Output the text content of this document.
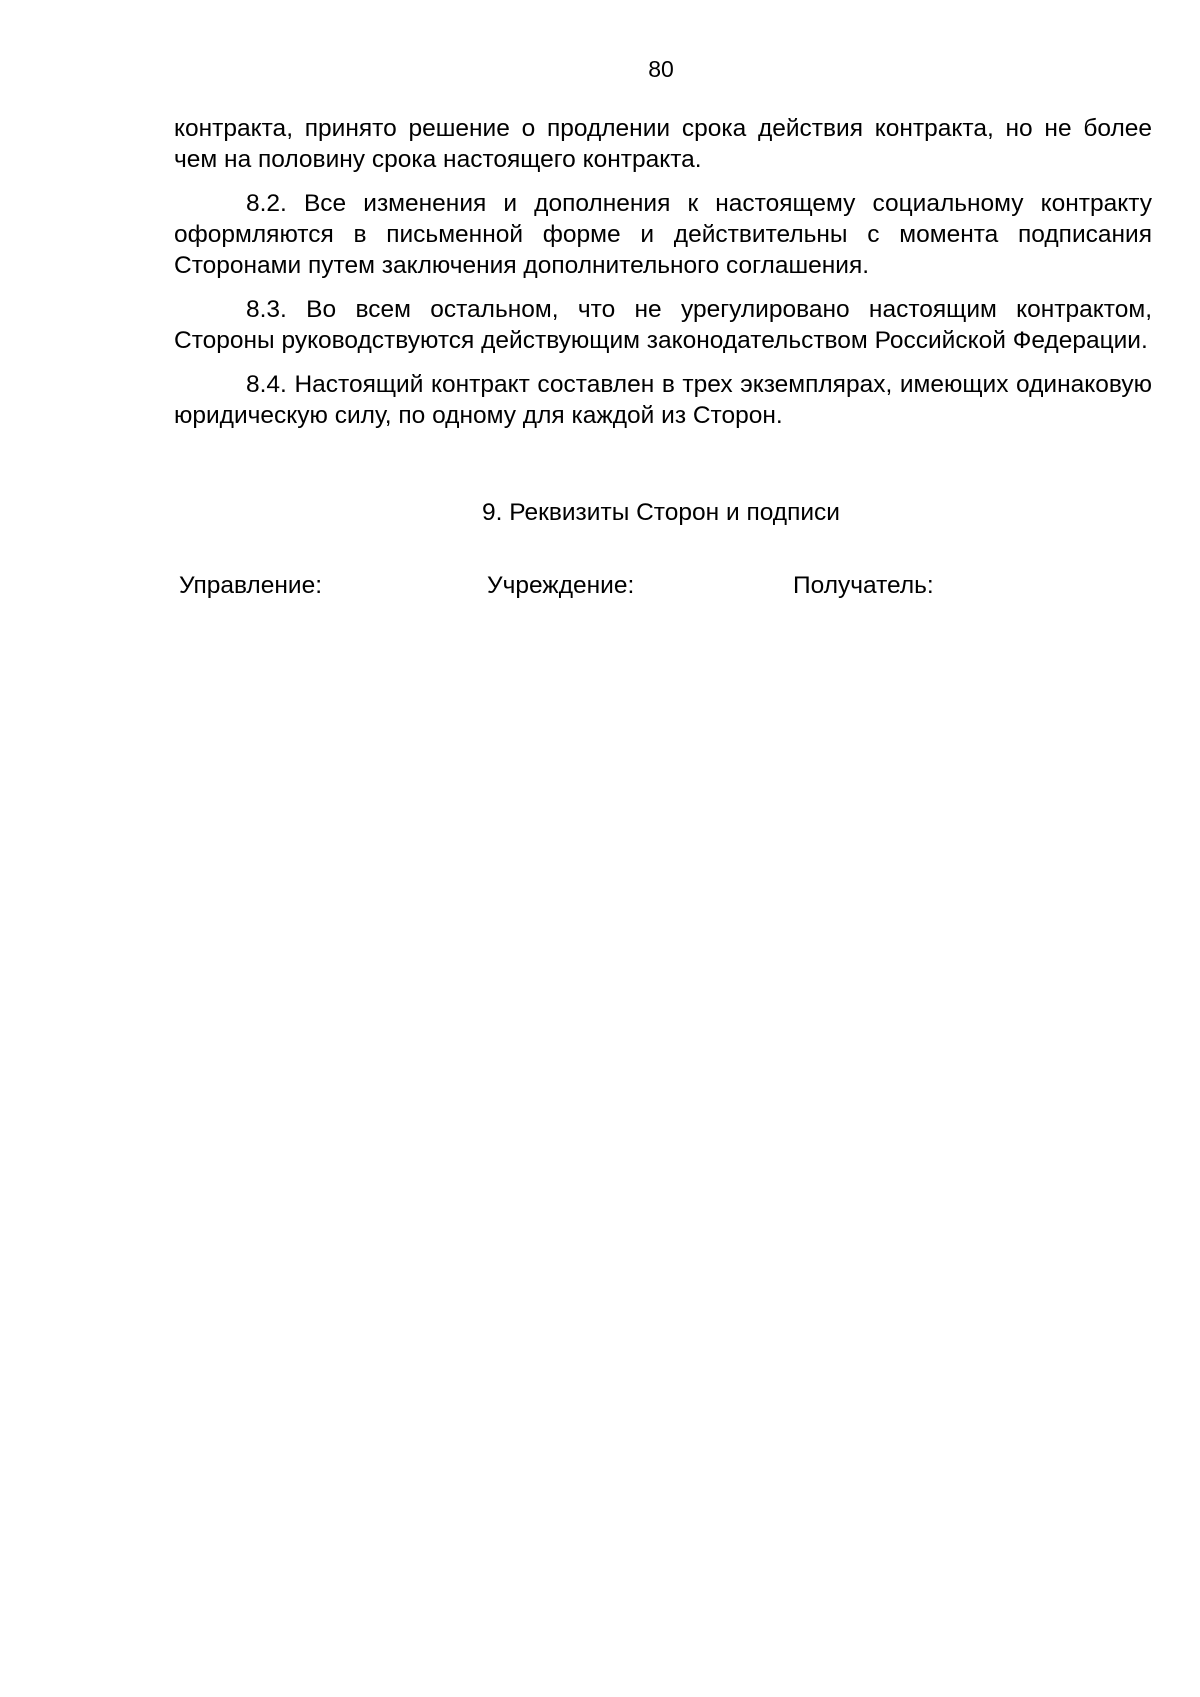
80

контракта, принято решение о продлении срока действия контракта, но не более чем на половину срока настоящего контракта.

8.2. Все изменения и дополнения к настоящему социальному контракту оформляются в письменной форме и действительны с момента подписания Сторонами путем заключения дополнительного соглашения.

8.3. Во всем остальном, что не урегулировано настоящим контрактом, Стороны руководствуются действующим законодательством Российской Федерации.

8.4. Настоящий контракт составлен в трех экземплярах, имеющих одинаковую юридическую силу, по одному для каждой из Сторон.

9. Реквизиты Сторон и подписи
Управление:	Учреждение:	Получатель:
